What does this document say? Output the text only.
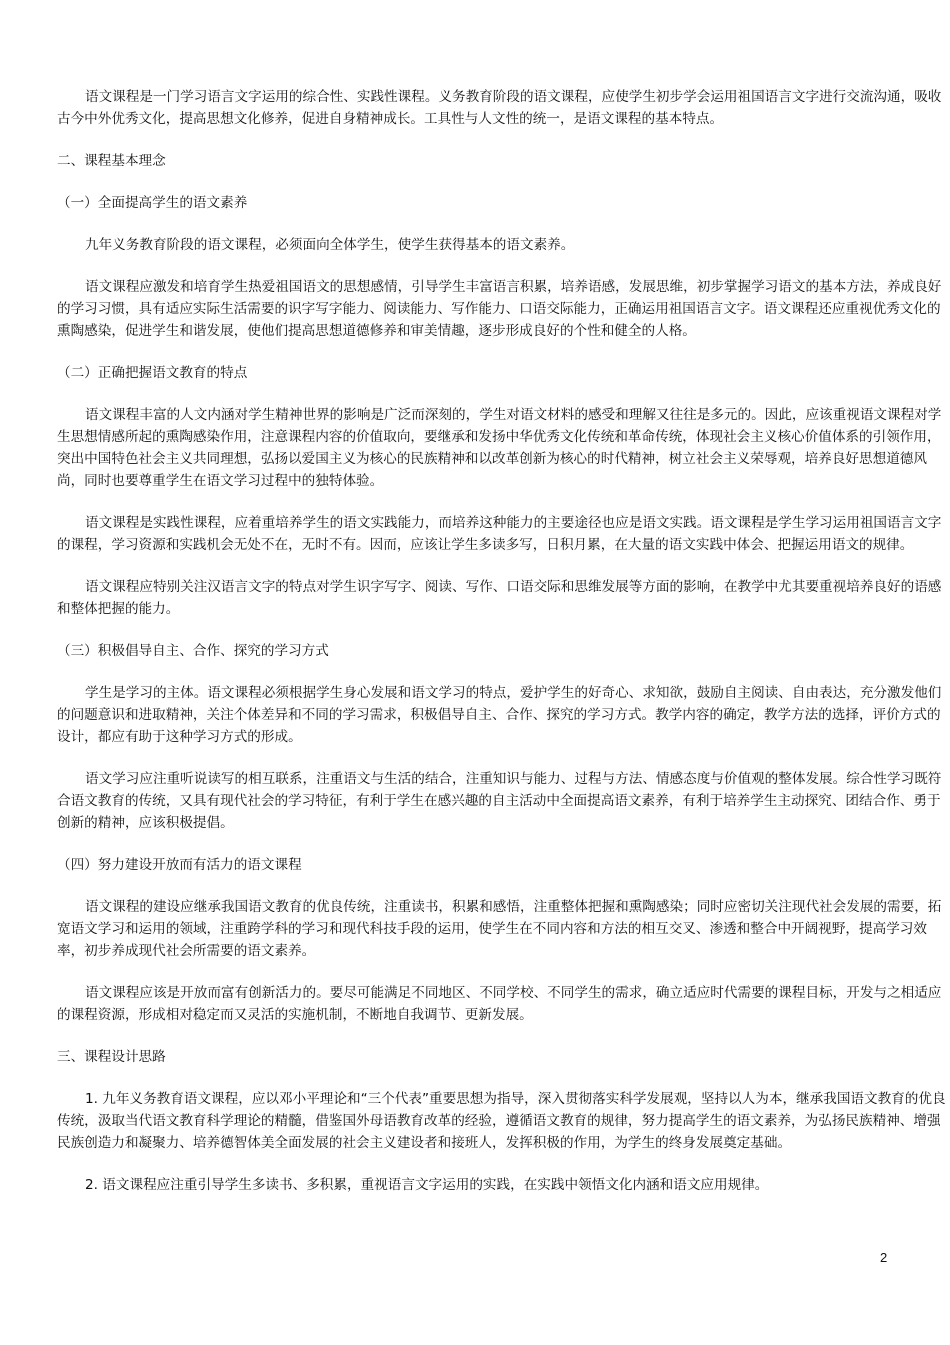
语文课程是一门学习语言文字运用的综合性、实践性课程。义务教育阶段的语文课程，应使学生初步学会运用祖国语言文字进行交流沟通，吸收古今中外优秀文化，提高思想文化修养，促进自身精神成长。工具性与人文性的统一，是语文课程的基本特点。

二、课程基本理念

（一）全面提高学生的语文素养

九年义务教育阶段的语文课程，必须面向全体学生，使学生获得基本的语文素养。

语文课程应激发和培育学生热爱祖国语文的思想感情，引导学生丰富语言积累，培养语感，发展思维，初步掌握学习语文的基本方法，养成良好的学习习惯，具有适应实际生活需要的识字写字能力、阅读能力、写作能力、口语交际能力，正确运用祖国语言文字。语文课程还应重视优秀文化的熏陶感染，促进学生和谐发展，使他们提高思想道德修养和审美情趣，逐步形成良好的个性和健全的人格。

（二）正确把握语文教育的特点

语文课程丰富的人文内涵对学生精神世界的影响是广泛而深刻的，学生对语文材料的感受和理解又往往是多元的。因此，应该重视语文课程对学生思想情感所起的熏陶感染作用，注意课程内容的价值取向，要继承和发扬中华优秀文化传统和革命传统，体现社会主义核心价值体系的引领作用，突出中国特色社会主义共同理想，弘扬以爱国主义为核心的民族精神和以改革创新为核心的时代精神，树立社会主义荣辱观，培养良好思想道德风尚，同时也要尊重学生在语文学习过程中的独特体验。

语文课程是实践性课程，应着重培养学生的语文实践能力，而培养这种能力的主要途径也应是语文实践。语文课程是学生学习运用祖国语言文字的课程，学习资源和实践机会无处不在，无时不有。因而，应该让学生多读多写，日积月累，在大量的语文实践中体会、把握运用语文的规律。

语文课程应特别关注汉语言文字的特点对学生识字写字、阅读、写作、口语交际和思维发展等方面的影响，在教学中尤其要重视培养良好的语感和整体把握的能力。

（三）积极倡导自主、合作、探究的学习方式

学生是学习的主体。语文课程必须根据学生身心发展和语文学习的特点，爱护学生的好奇心、求知欲，鼓励自主阅读、自由表达，充分激发他们的问题意识和进取精神，关注个体差异和不同的学习需求，积极倡导自主、合作、探究的学习方式。教学内容的确定，教学方法的选择，评价方式的设计，都应有助于这种学习方式的形成。

语文学习应注重听说读写的相互联系，注重语文与生活的结合，注重知识与能力、过程与方法、情感态度与价值观的整体发展。综合性学习既符合语文教育的传统，又具有现代社会的学习特征，有利于学生在感兴趣的自主活动中全面提高语文素养，有利于培养学生主动探究、团结合作、勇于创新的精神，应该积极提倡。

（四）努力建设开放而有活力的语文课程

语文课程的建设应继承我国语文教育的优良传统，注重读书，积累和感悟，注重整体把握和熏陶感染；同时应密切关注现代社会发展的需要，拓宽语文学习和运用的领域，注重跨学科的学习和现代科技手段的运用，使学生在不同内容和方法的相互交叉、渗透和整合中开阔视野，提高学习效率，初步养成现代社会所需要的语文素养。

语文课程应该是开放而富有创新活力的。要尽可能满足不同地区、不同学校、不同学生的需求，确立适应时代需要的课程目标，开发与之相适应的课程资源，形成相对稳定而又灵活的实施机制，不断地自我调节、更新发展。

三、课程设计思路

1. 九年义务教育语文课程，应以邓小平理论和“三个代表”重要思想为指导，深入贯彻落实科学发展观，坚持以人为本，继承我国语文教育的优良传统，汲取当代语文教育科学理论的精髓，借鉴国外母语教育改革的经验，遵循语文教育的规律，努力提高学生的语文素养，为弘扬民族精神、增强民族创造力和凝聚力、培养德智体美全面发展的社会主义建设者和接班人，发挥积极的作用，为学生的终身发展奠定基础。

2. 语文课程应注重引导学生多读书、多积累，重视语言文字运用的实践，在实践中领悟文化内涵和语文应用规律。

2
